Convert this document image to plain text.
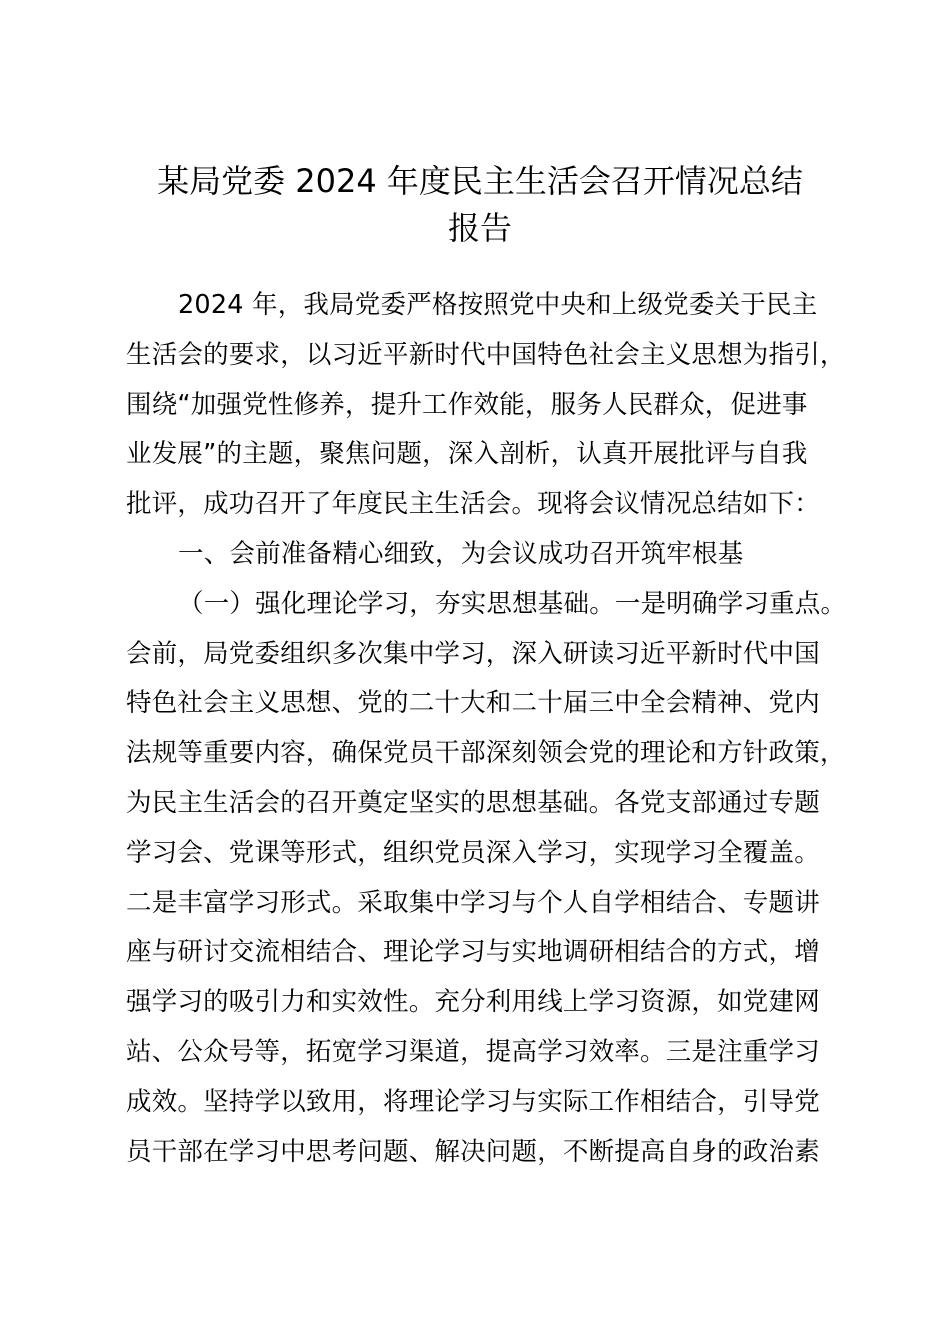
某局党委 2024 年度民主生活会召开情况总结
报告
2024 年，我局党委严格按照党中央和上级党委关于民主
生活会的要求，以习近平新时代中国特色社会主义思想为指引，
围绕“加强党性修养，提升工作效能，服务人民群众，促进事
业发展”的主题，聚焦问题，深入剖析，认真开展批评与自我
批评，成功召开了年度民主生活会。现将会议情况总结如下：
一、会前准备精心细致，为会议成功召开筑牢根基
（一）强化理论学习，夯实思想基础。一是明确学习重点。
会前，局党委组织多次集中学习，深入研读习近平新时代中国
特色社会主义思想、党的二十大和二十届三中全会精神、党内
法规等重要内容，确保党员干部深刻领会党的理论和方针政策，
为民主生活会的召开奠定坚实的思想基础。各党支部通过专题
学习会、党课等形式，组织党员深入学习，实现学习全覆盖。
二是丰富学习形式。采取集中学习与个人自学相结合、专题讲
座与研讨交流相结合、理论学习与实地调研相结合的方式，增
强学习的吸引力和实效性。充分利用线上学习资源，如党建网
站、公众号等，拓宽学习渠道，提高学习效率。三是注重学习
成效。坚持学以致用，将理论学习与实际工作相结合，引导党
员干部在学习中思考问题、解决问题，不断提高自身的政治素
